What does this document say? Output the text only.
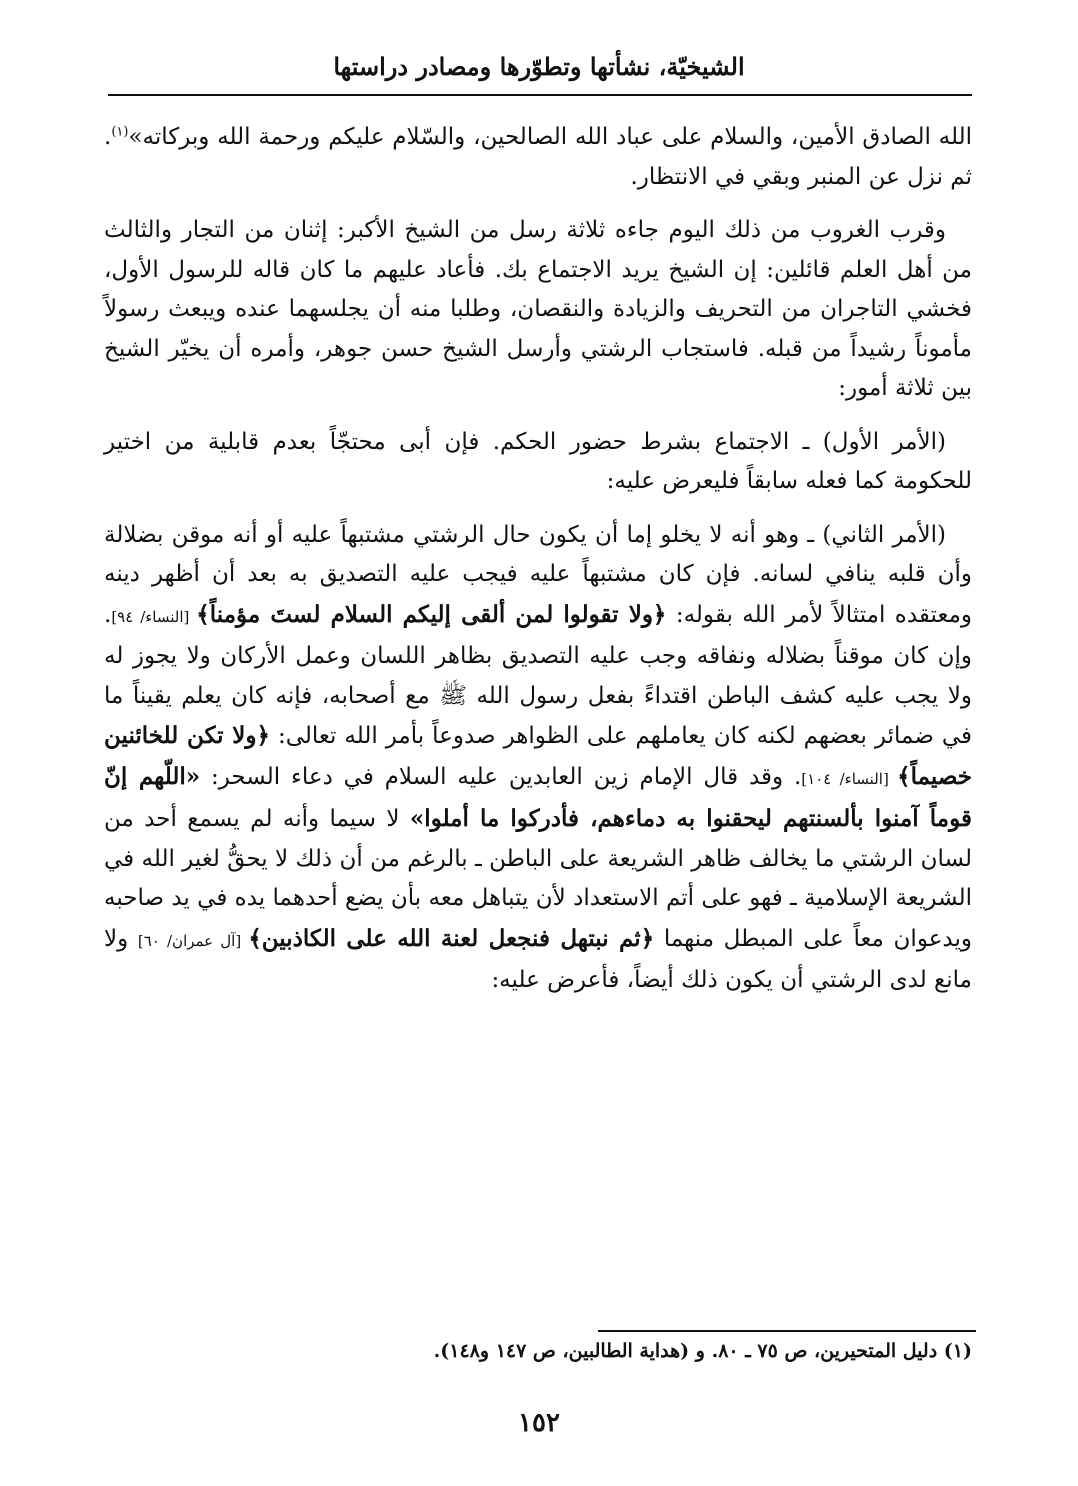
الشيخيّة، نشأتها وتطوّرها ومصادر دراستها

الله الصادق الأمين، والسلام على عباد الله الصالحين، والسّلام عليكم ورحمة الله وبركاته»$^{(١)}$. ثم نزل عن المنبر وبقي في الانتظار.

وقرب الغروب من ذلك اليوم جاءه ثلاثة رسل من الشيخ الأكبر: إثنان من التجار والثالث من أهل العلم قائلين: إن الشيخ يريد الاجتماع بك. فأعاد عليهم ما كان قاله للرسول الأول، فخشي التاجران من التحريف والزيادة والنقصان، وطلبا منه أن يجلسهما عنده ويبعث رسولاً مأموناً رشيداً من قبله. فاستجاب الرشتي وأرسل الشيخ حسن جوهر، وأمره أن يخيّر الشيخ بين ثلاثة أمور:

(الأمر الأول) ـ الاجتماع بشرط حضور الحكم. فإن أبى محتجّاً بعدم قابلية من اختير للحكومة كما فعله سابقاً فليعرض عليه:

(الأمر الثاني) ـ وهو أنه لا يخلو إما أن يكون حال الرشتي مشتبهاً عليه أو أنه موقن بضلالة وأن قلبه ينافي لسانه. فإن كان مشتبهاً عليه فيجب عليه التصديق به بعد أن أظهر دينه ومعتقده امتثالاً لأمر الله بقوله: ﴿ولا تقولوا لمن ألقى إليكم السلام لستَ مؤمناً﴾ [النساء/ ٩٤]. وإن كان موقناً بضلاله ونفاقه وجب عليه التصديق بظاهر اللسان وعمل الأركان ولا يجوز له ولا يجب عليه كشف الباطن اقتداءً بفعل رسول الله ﷺ مع أصحابه، فإنه كان يعلم يقيناً ما في ضمائر بعضهم لكنه كان يعاملهم على الظواهر صدوعاً بأمر الله تعالى: ﴿ولا تكن للخائنين خصيماً﴾ [النساء/ ١٠٤]. وقد قال الإمام زين العابدين عليه السلام في دعاء السحر: «اللّهم إنّ قوماً آمنوا بألسنتهم ليحقنوا به دماءهم، فأدركوا ما أملوا» لا سيما وأنه لم يسمع أحد من لسان الرشتي ما يخالف ظاهر الشريعة على الباطن ـ بالرغم من أن ذلك لا يحقُّ لغير الله في الشريعة الإسلامية ـ فهو على أتم الاستعداد لأن يتباهل معه بأن يضع أحدهما يده في يد صاحبه ويدعوان معاً على المبطل منهما ﴿ثم نبتهل فنجعل لعنة الله على الكاذبين﴾ [آل عمران/ ٦٠] ولا مانع لدى الرشتي أن يكون ذلك أيضاً، فأعرض عليه:

(١) دليل المتحيرين، ص ٧٥ ـ ٨٠. و (هداية الطالبين، ص ١٤٧ و١٤٨).
١٥٢
